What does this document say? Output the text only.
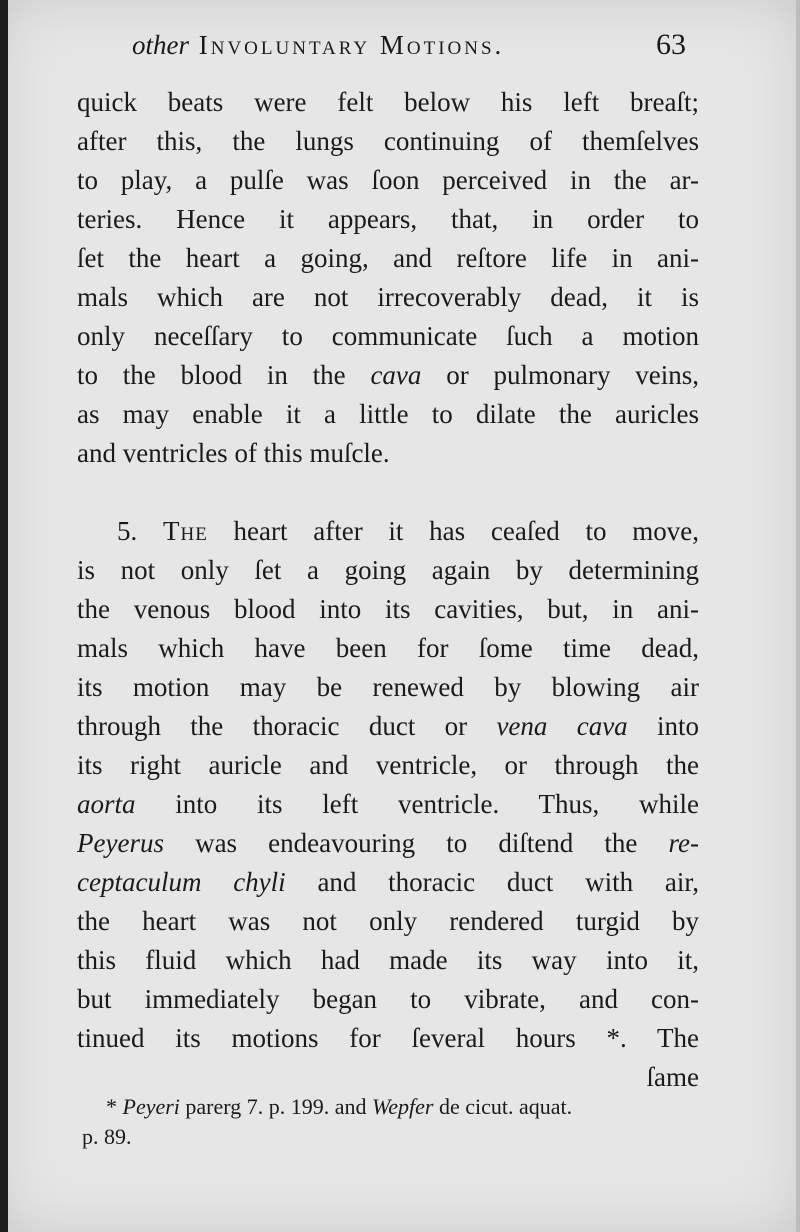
other Involuntary Motions.	63
quick beats were felt below his left breaſt;
after this, the lungs continuing of themſelves
to play, a pulſe was ſoon perceived in the ar-
teries. Hence it appears, that, in order to
ſet the heart a going, and reſtore life in ani-
mals which are not irrecoverably dead, it is
only neceſſary to communicate ſuch a motion
to the blood in the cava or pulmonary veins,
as may enable it a little to dilate the auricles
and ventricles of this muſcle.
5. The heart after it has ceaſed to move,
is not only ſet a going again by determining
the venous blood into its cavities, but, in ani-
mals which have been for ſome time dead,
its motion may be renewed by blowing air
through the thoracic duct or vena cava into
its right auricle and ventricle, or through the
aorta into its left ventricle. Thus, while
Peyerus was endeavouring to diſtend the re-
ceptaculum chyli and thoracic duct with air,
the heart was not only rendered turgid by
this fluid which had made its way into it,
but immediately began to vibrate, and con-
tinued its motions for ſeveral hours *. The
ſame
* Peyeri parerg 7. p. 199. and Wepfer de cicut. aquat.
p. 89.
